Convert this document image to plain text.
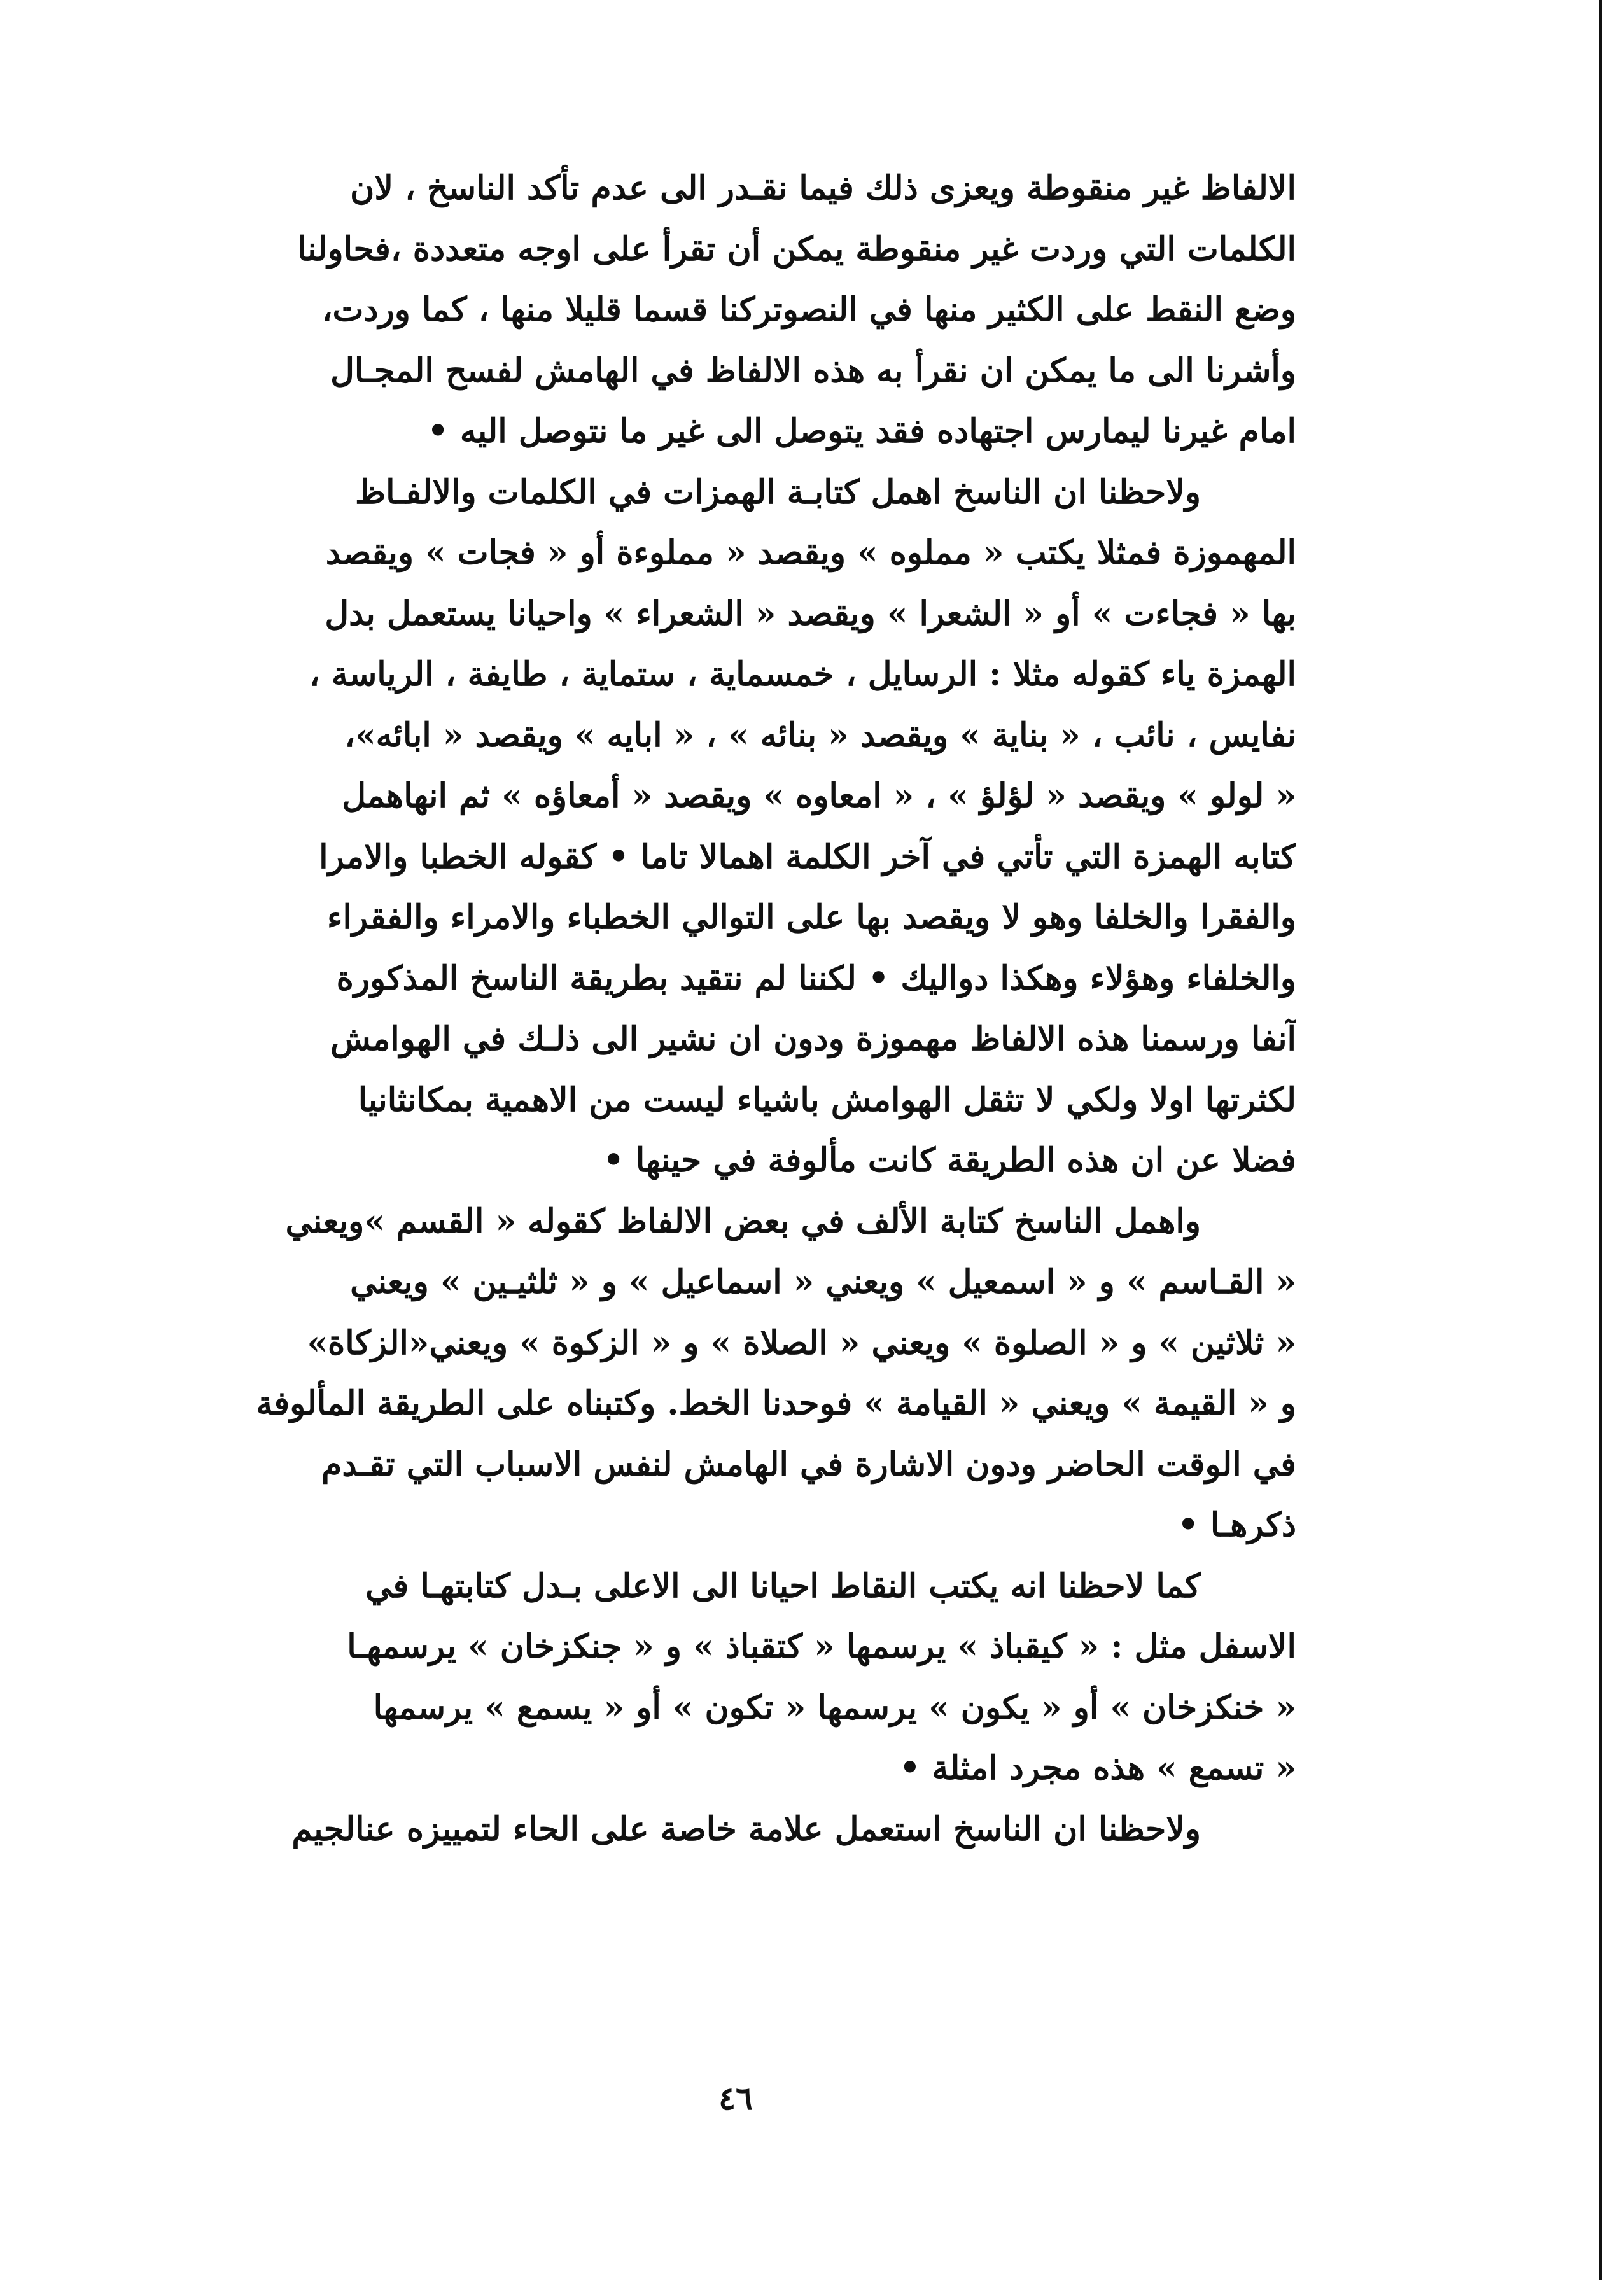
الالفاظ غير منقوطة ويعزى ذلك فيما نقـدر الى عدم تأكد الناسخ ، لان
الكلمات التي وردت غير منقوطة يمكن أن تقرأ على اوجه متعددة ،فحاولنا
وضع النقط على الكثير منها في النصوتركنا قسما قليلا منها ، كما وردت،
وأشرنا الى ما يمكن ان نقرأ به هذه الالفاظ في الهامش لفسح المجـال
امام غيرنا ليمارس اجتهاده فقد يتوصل الى غير ما نتوصل اليه •
ولاحظنا ان الناسخ اهمل كتابـة الهمزات في الكلمات والالفـاظ
المهموزة فمثلا يكتب « مملوه » ويقصد « مملوءة أو « فجات » ويقصد
بها « فجاءت » أو « الشعرا » ويقصد « الشعراء » واحيانا يستعمل بدل
الهمزة ياء كقوله مثلا : الرسايل ، خمسماية ، ستماية ، طايفة ، الرياسة ،
نفايس ، نائب ، « بناية » ويقصد « بنائه » ، « ابايه » ويقصد « ابائه»،
« لولو » ويقصد « لؤلؤ » ، « امعاوه » ويقصد « أمعاؤه » ثم انهاهمل
كتابه الهمزة التي تأتي في آخر الكلمة اهمالا تاما • كقوله الخطبا والامرا
والفقرا والخلفا وهو لا ويقصد بها على التوالي الخطباء والامراء والفقراء
والخلفاء وهؤلاء وهكذا دواليك • لكننا لم نتقيد بطريقة الناسخ المذكورة
آنفا ورسمنا هذه الالفاظ مهموزة ودون ان نشير الى ذلـك في الهوامش
لكثرتها اولا ولكي لا تثقل الهوامش باشياء ليست من الاهمية بمكانثانيا
فضلا عن ان هذه الطريقة كانت مألوفة في حينها •
واهمل الناسخ كتابة الألف في بعض الالفاظ كقوله « القسم »ويعني
« القـاسم » و « اسمعيل » ويعني « اسماعيل » و « ثلثيـين » ويعني
« ثلاثين » و « الصلوة » ويعني « الصلاة » و « الزكوة » ويعني«الزكاة»
و « القيمة » ويعني « القيامة » فوحدنا الخط. وكتبناه على الطريقة المألوفة
في الوقت الحاضر ودون الاشارة في الهامش لنفس الاسباب التي تقـدم
ذكرهـا •
كما لاحظنا انه يكتب النقاط احيانا الى الاعلى بـدل كتابتهـا في
الاسفل مثل : « كيقباذ » يرسمها « كتقباذ » و « جنكزخان » يرسمهـا
« خنكزخان » أو « يكون » يرسمها « تكون » أو « يسمع » يرسمها
« تسمع » هذه مجرد امثلة •
ولاحظنا ان الناسخ استعمل علامة خاصة على الحاء لتمييزه عنالجيم
٤٦
